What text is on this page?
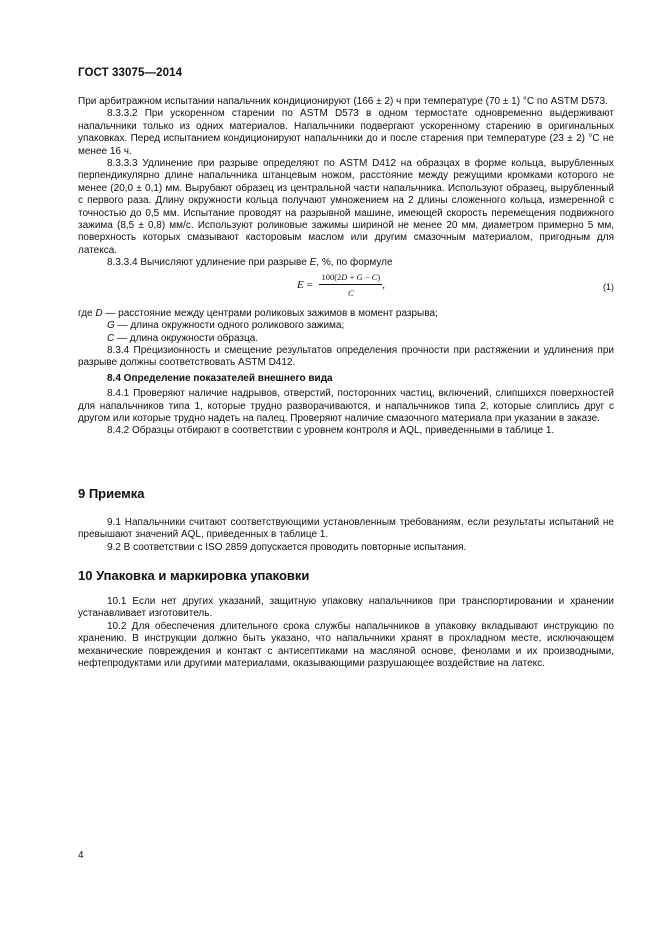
ГОСТ 33075—2014

При арбитражном испытании напальчник кондиционируют (166 ± 2) ч при температуре (70 ± 1) °С по ASTM D573.

8.3.3.2 При ускоренном старении по ASTM D573 в одном термостате одновременно выдерживают напальчники только из одних материалов. Напальчники подвергают ускоренному старению в оригинальных упаковках. Перед испытанием кондиционируют напальчники до и после старения при температуре (23 ± 2) °С не менее 16 ч.

8.3.3.3 Удлинение при разрыве определяют по ASTM D412 на образцах в форме кольца, вырубленных перпендикулярно длине напальчника штанцевым ножом, расстояние между режущими кромками которого не менее (20,0 ± 0,1) мм. Вырубают образец из центральной части напальчника. Используют образец, вырубленный с первого раза. Длину окружности кольца получают умножением на 2 длины сложенного кольца, измеренной с точностью до 0,5 мм. Испытание проводят на разрывной машине, имеющей скорость перемещения подвижного зажима (8,5 ± 0,8) мм/с. Используют роликовые зажимы шириной не менее 20 мм, диаметром примерно 5 мм, поверхность которых смазывают касторовым маслом или другим смазочным материалом, пригодным для латекса.

8.3.3.4 Вычисляют удлинение при разрыве E, %, по формуле

$E = \frac{100(2D + G - C)}{C}$ ,	(1)

где D — расстояние между центрами роликовых зажимов в момент разрыва;

G — длина окружности одного роликового зажима;

C — длина окружности образца.

8.3.4 Прецизионность и смещение результатов определения прочности при растяжении и удлинения при разрыве должны соответствовать ASTM D412.

8.4 Определение показателей внешнего вида

8.4.1 Проверяют наличие надрывов, отверстий, посторонних частиц, включений, слипшихся поверхностей для напальчников типа 1, которые трудно разворачиваются, и напальчников типа 2, которые слиплись друг с другом или которые трудно надеть на палец. Проверяют наличие смазочного материала при указании в заказе.

8.4.2 Образцы отбирают в соответствии с уровнем контроля и AQL, приведенными в таблице 1.

9 Приемка

9.1 Напальчники считают соответствующими установленным требованиям, если результаты испытаний не превышают значений AQL, приведенных в таблице 1.

9.2 В соответствии с ISO 2859 допускается проводить повторные испытания.

10 Упаковка и маркировка упаковки

10.1 Если нет других указаний, защитную упаковку напальчников при транспортировании и хранении устанавливает изготовитель.

10.2 Для обеспечения длительного срока службы напальчников в упаковку вкладывают инструкцию по хранению. В инструкции должно быть указано, что напальчники хранят в прохладном месте, исключающем механические повреждения и контакт с антисептиками на масляной основе, фенолами и их производными, нефтепродуктами или другими материалами, оказывающими разрушающее воздействие на латекс.

4
